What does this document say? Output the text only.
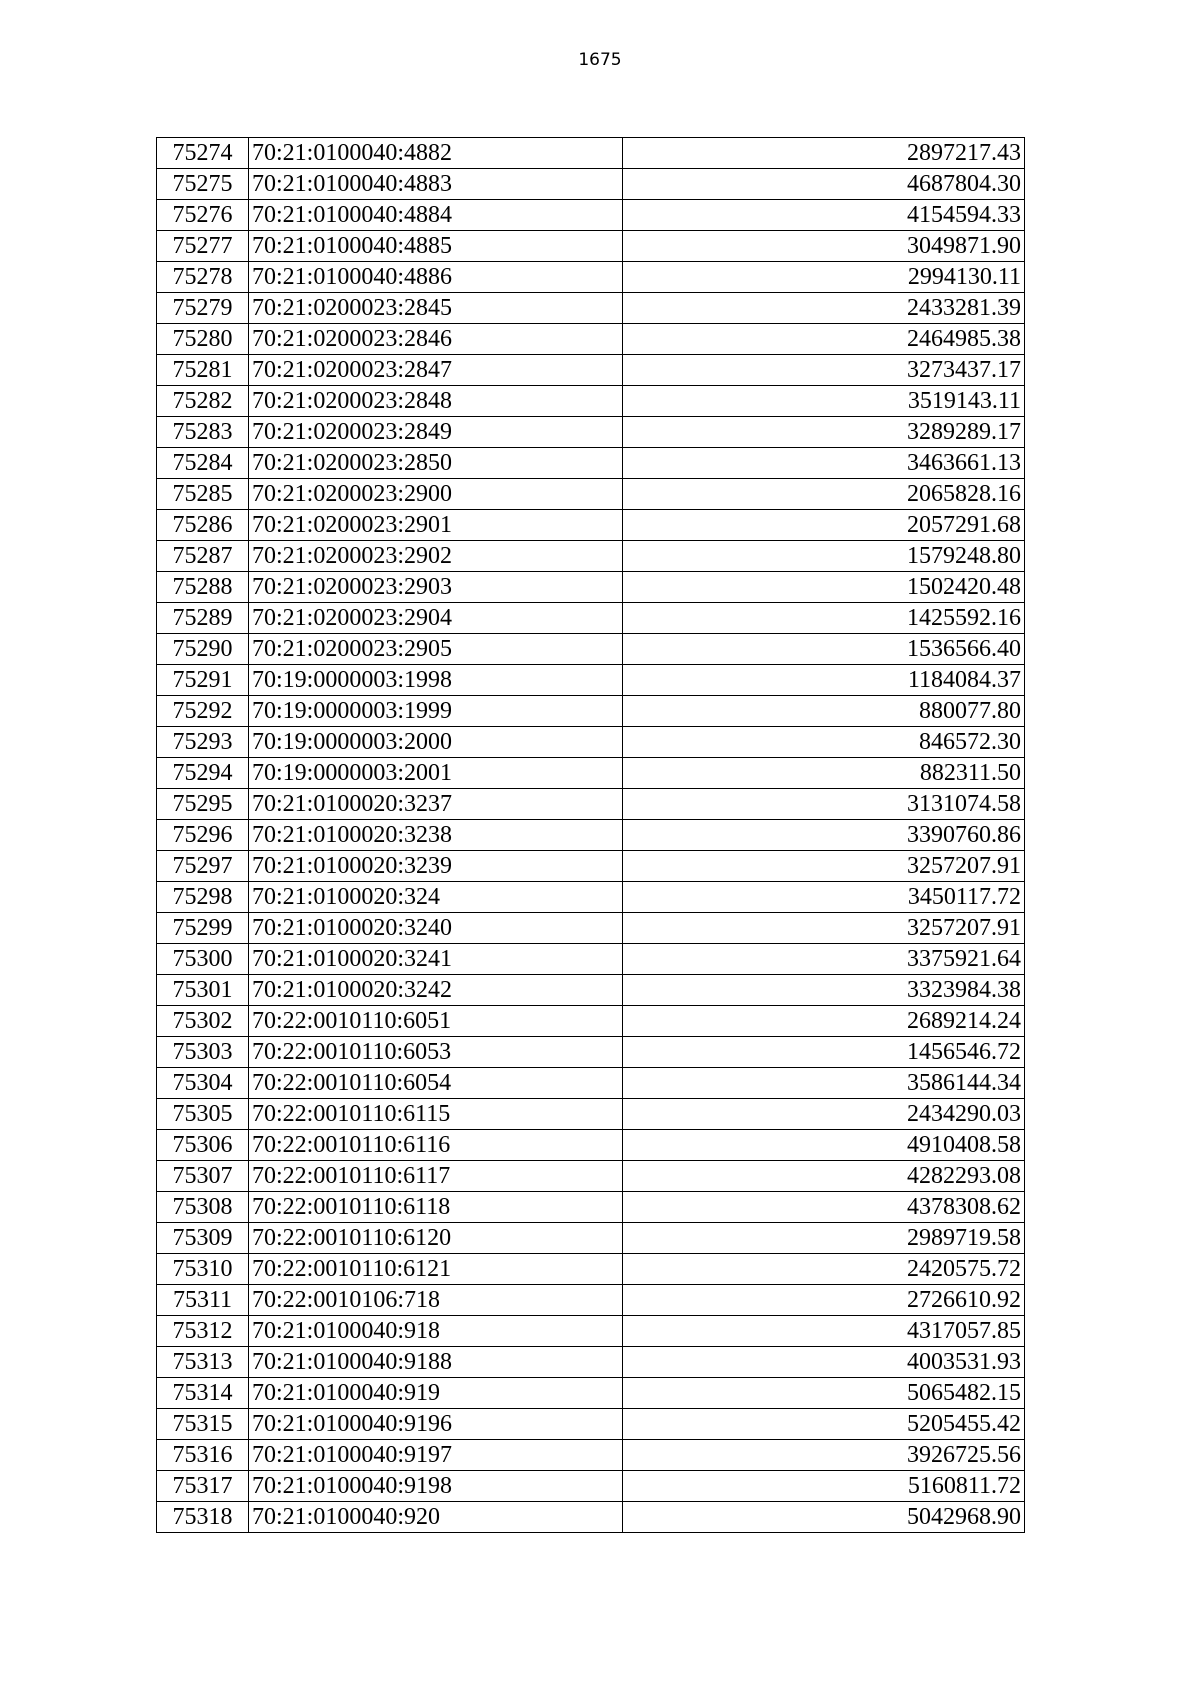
1675
75274	70:21:0100040:4882	2897217.43
75275	70:21:0100040:4883	4687804.30
75276	70:21:0100040:4884	4154594.33
75277	70:21:0100040:4885	3049871.90
75278	70:21:0100040:4886	2994130.11
75279	70:21:0200023:2845	2433281.39
75280	70:21:0200023:2846	2464985.38
75281	70:21:0200023:2847	3273437.17
75282	70:21:0200023:2848	3519143.11
75283	70:21:0200023:2849	3289289.17
75284	70:21:0200023:2850	3463661.13
75285	70:21:0200023:2900	2065828.16
75286	70:21:0200023:2901	2057291.68
75287	70:21:0200023:2902	1579248.80
75288	70:21:0200023:2903	1502420.48
75289	70:21:0200023:2904	1425592.16
75290	70:21:0200023:2905	1536566.40
75291	70:19:0000003:1998	1184084.37
75292	70:19:0000003:1999	880077.80
75293	70:19:0000003:2000	846572.30
75294	70:19:0000003:2001	882311.50
75295	70:21:0100020:3237	3131074.58
75296	70:21:0100020:3238	3390760.86
75297	70:21:0100020:3239	3257207.91
75298	70:21:0100020:324	3450117.72
75299	70:21:0100020:3240	3257207.91
75300	70:21:0100020:3241	3375921.64
75301	70:21:0100020:3242	3323984.38
75302	70:22:0010110:6051	2689214.24
75303	70:22:0010110:6053	1456546.72
75304	70:22:0010110:6054	3586144.34
75305	70:22:0010110:6115	2434290.03
75306	70:22:0010110:6116	4910408.58
75307	70:22:0010110:6117	4282293.08
75308	70:22:0010110:6118	4378308.62
75309	70:22:0010110:6120	2989719.58
75310	70:22:0010110:6121	2420575.72
75311	70:22:0010106:718	2726610.92
75312	70:21:0100040:918	4317057.85
75313	70:21:0100040:9188	4003531.93
75314	70:21:0100040:919	5065482.15
75315	70:21:0100040:9196	5205455.42
75316	70:21:0100040:9197	3926725.56
75317	70:21:0100040:9198	5160811.72
75318	70:21:0100040:920	5042968.90
